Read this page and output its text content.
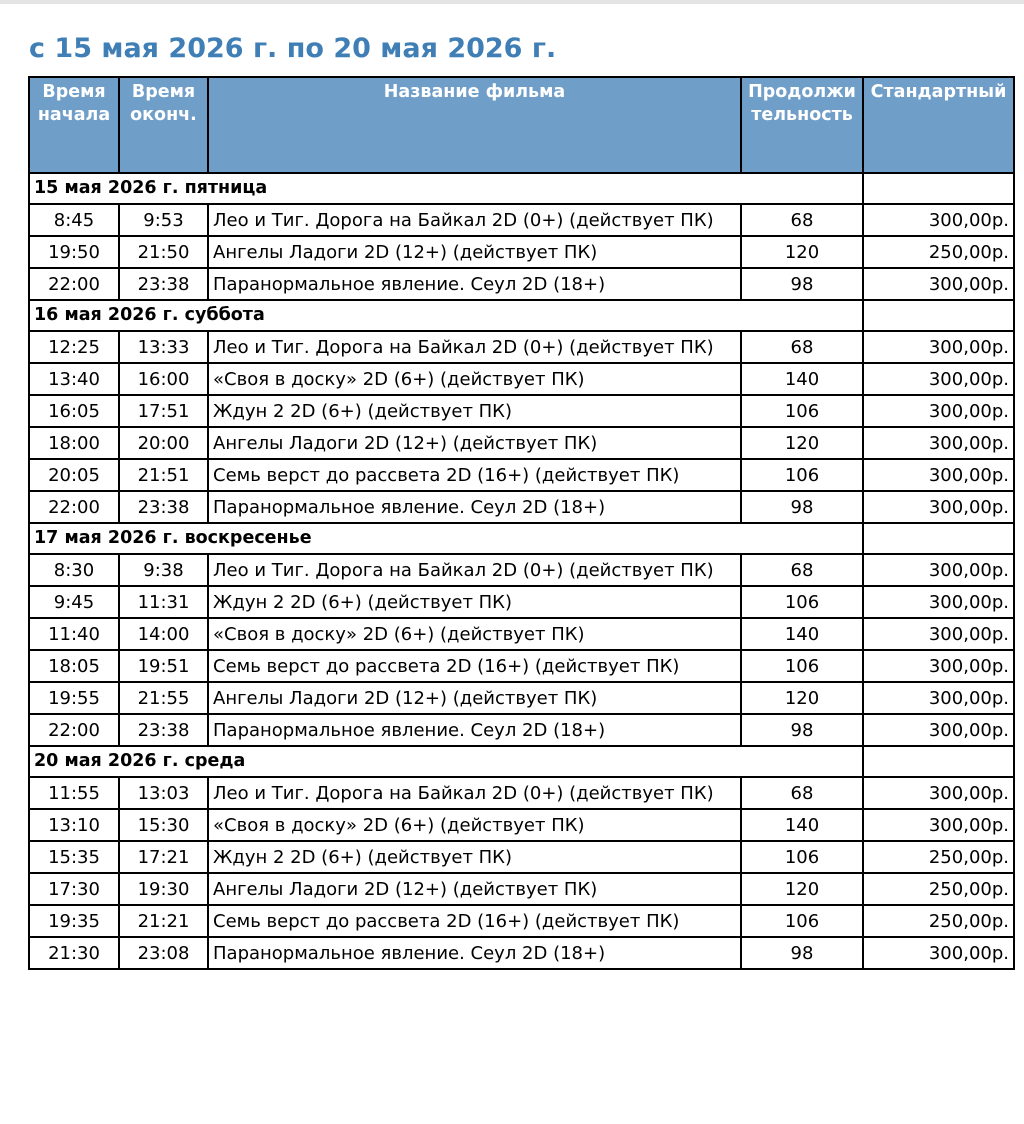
с 15 мая 2026 г. по 20 мая 2026 г.
Время начала	Время оконч.	Название фильма	Продолжительность	Стандартный
15 мая 2026 г. пятница				
8:45	9:53	Лео и Тиг. Дорога на Байкал 2D (0+) (действует ПК)	68	300,00р.
19:50	21:50	Ангелы Ладоги 2D (12+) (действует ПК)	120	250,00р.
22:00	23:38	Паранормальное явление. Сеул 2D (18+)	98	300,00р.
16 мая 2026 г. суббота				
12:25	13:33	Лео и Тиг. Дорога на Байкал 2D (0+) (действует ПК)	68	300,00р.
13:40	16:00	«Своя в доску» 2D (6+) (действует ПК)	140	300,00р.
16:05	17:51	Ждун 2 2D (6+) (действует ПК)	106	300,00р.
18:00	20:00	Ангелы Ладоги 2D (12+) (действует ПК)	120	300,00р.
20:05	21:51	Семь верст до рассвета 2D (16+) (действует ПК)	106	300,00р.
22:00	23:38	Паранормальное явление. Сеул 2D (18+)	98	300,00р.
17 мая 2026 г. воскресенье				
8:30	9:38	Лео и Тиг. Дорога на Байкал 2D (0+) (действует ПК)	68	300,00р.
9:45	11:31	Ждун 2 2D (6+) (действует ПК)	106	300,00р.
11:40	14:00	«Своя в доску» 2D (6+) (действует ПК)	140	300,00р.
18:05	19:51	Семь верст до рассвета 2D (16+) (действует ПК)	106	300,00р.
19:55	21:55	Ангелы Ладоги 2D (12+) (действует ПК)	120	300,00р.
22:00	23:38	Паранормальное явление. Сеул 2D (18+)	98	300,00р.
20 мая 2026 г. среда				
11:55	13:03	Лео и Тиг. Дорога на Байкал 2D (0+) (действует ПК)	68	300,00р.
13:10	15:30	«Своя в доску» 2D (6+) (действует ПК)	140	300,00р.
15:35	17:21	Ждун 2 2D (6+) (действует ПК)	106	250,00р.
17:30	19:30	Ангелы Ладоги 2D (12+) (действует ПК)	120	250,00р.
19:35	21:21	Семь верст до рассвета 2D (16+) (действует ПК)	106	250,00р.
21:30	23:08	Паранормальное явление. Сеул 2D (18+)	98	300,00р.
